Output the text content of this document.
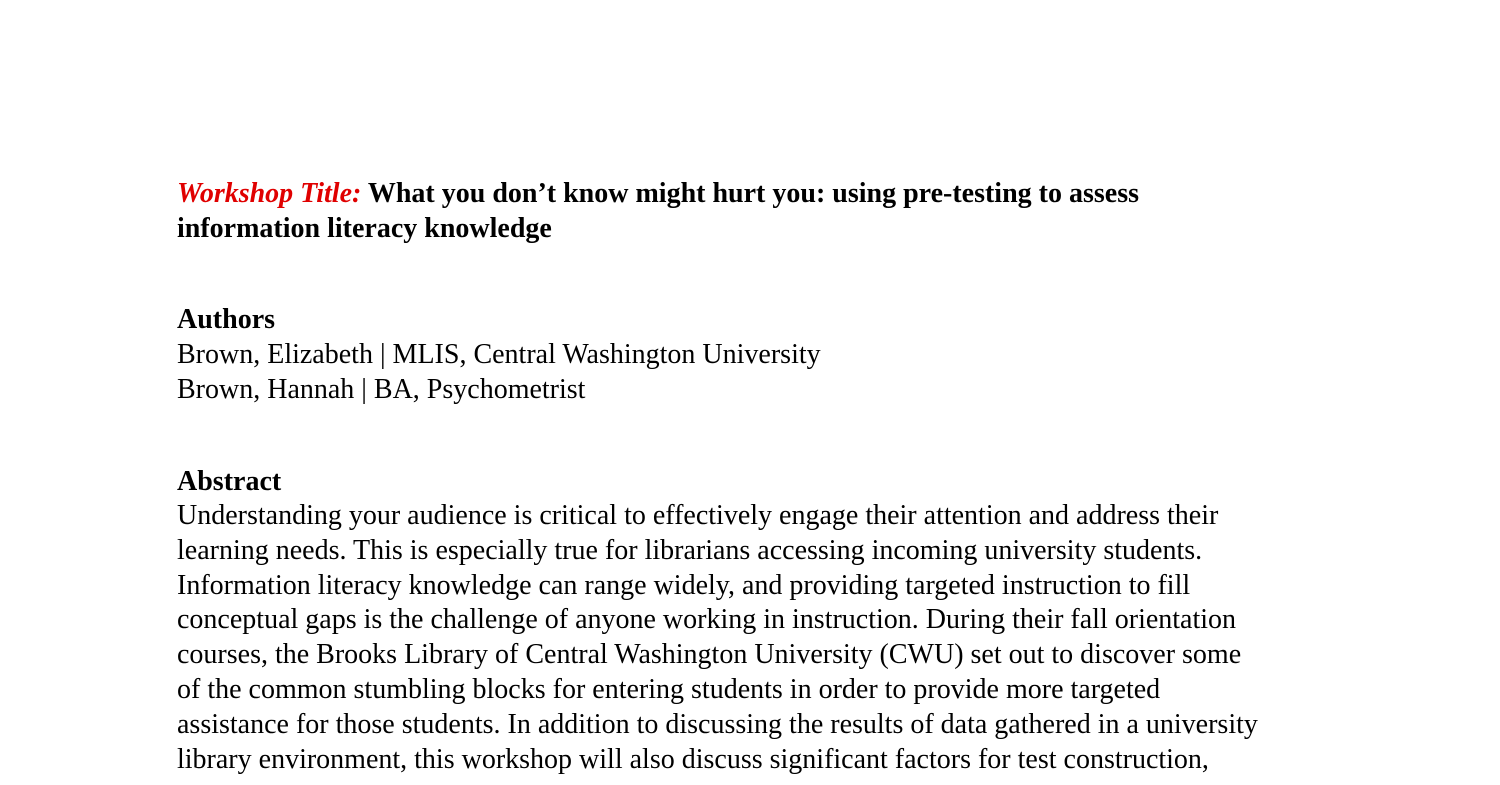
Workshop Title: What you don’t know might hurt you: using pre-testing to assess
information literacy knowledge

Authors

Brown, Elizabeth | MLIS, Central Washington University

Brown, Hannah | BA, Psychometrist

Abstract

Understanding your audience is critical to effectively engage their attention and address their

learning needs. This is especially true for librarians accessing incoming university students.

Information literacy knowledge can range widely, and providing targeted instruction to fill

conceptual gaps is the challenge of anyone working in instruction. During their fall orientation

courses, the Brooks Library of Central Washington University (CWU) set out to discover some

of the common stumbling blocks for entering students in order to provide more targeted

assistance for those students. In addition to discussing the results of data gathered in a university

library environment, this workshop will also discuss significant factors for test construction,
